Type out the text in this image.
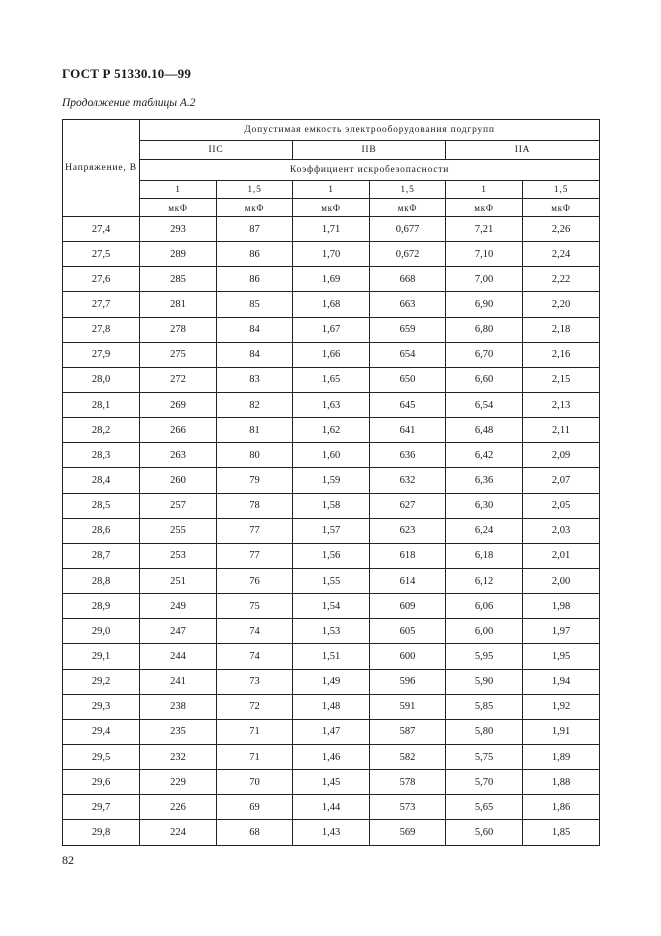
ГОСТ Р 51330.10—99
Продолжение таблицы А.2
Напряжение, В	Допустимая емкость электрооборудования подгрупп					
	IIC		IIB		IIA	
	Коэффициент искробезопасности					
	1	1,5	1	1,5	1	1,5
	мкФ	мкФ	мкФ	мкФ	мкФ	мкФ
27,4	293	87	1,71	0,677	7,21	2,26
27,5	289	86	1,70	0,672	7,10	2,24
27,6	285	86	1,69	668	7,00	2,22
27,7	281	85	1,68	663	6,90	2,20
27,8	278	84	1,67	659	6,80	2,18
27,9	275	84	1,66	654	6,70	2,16
28,0	272	83	1,65	650	6,60	2,15
28,1	269	82	1,63	645	6,54	2,13
28,2	266	81	1,62	641	6,48	2,11
28,3	263	80	1,60	636	6,42	2,09
28,4	260	79	1,59	632	6,36	2,07
28,5	257	78	1,58	627	6,30	2,05
28,6	255	77	1,57	623	6,24	2,03
28,7	253	77	1,56	618	6,18	2,01
28,8	251	76	1,55	614	6,12	2,00
28,9	249	75	1,54	609	6,06	1,98
29,0	247	74	1,53	605	6,00	1,97
29,1	244	74	1,51	600	5,95	1,95
29,2	241	73	1,49	596	5,90	1,94
29,3	238	72	1,48	591	5,85	1,92
29,4	235	71	1,47	587	5,80	1,91
29,5	232	71	1,46	582	5,75	1,89
29,6	229	70	1,45	578	5,70	1,88
29,7	226	69	1,44	573	5,65	1,86
29,8	224	68	1,43	569	5,60	1,85
82
